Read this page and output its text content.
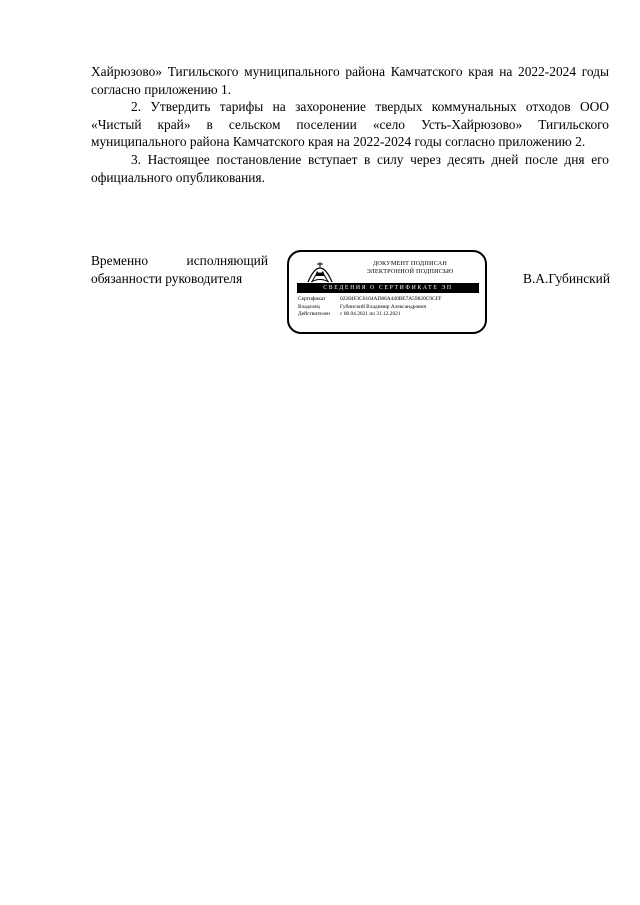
Хайрюзово» Тигильского муниципального района Камчатского края на 2022-2024 годы согласно приложению 1.

2. Утвердить тарифы на захоронение твердых коммунальных отходов ООО «Чистый край» в сельском поселении «село Усть-Хайрюзово» Тигильского муниципального района Камчатского края на 2022-2024 годы согласно приложению 2.

3. Настоящее постановление вступает в силу через десять дней после дня его официального опубликования.

Временно исполняющий
обязанности руководителя
ДОКУМЕНТ ПОДПИСАН
ЭЛЕКТРОННОЙ ПОДПИСЬЮ
СВЕДЕНИЯ О СЕРТИФИКАТЕ ЭП
Сертификат	02284F3C0104AD86A440BE7A59820C9CFF
Владелец	Губинский Владимир Александрович
Действителен	с 08.04.2021 по 31.12.2021
В.А.Губинский
